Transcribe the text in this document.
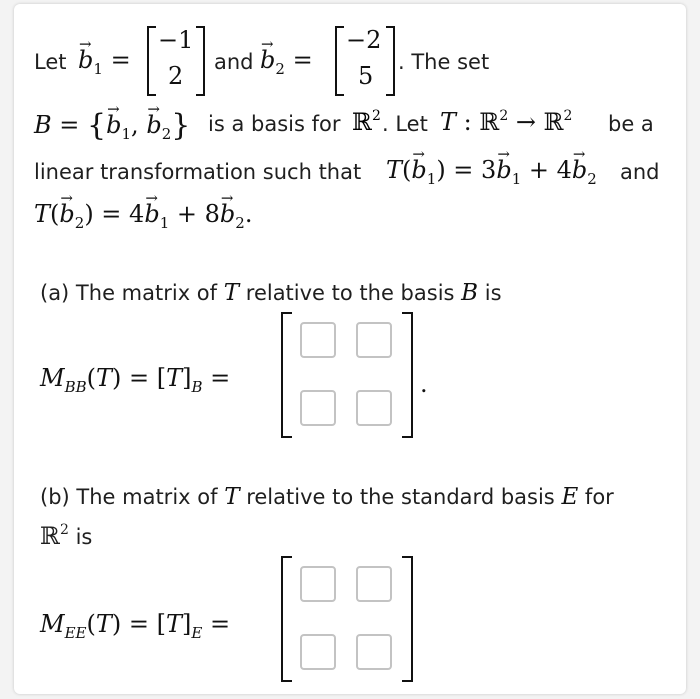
Let $b \to_1$ =
−1
2 and $b \to_2$ =
−2
5 . The set
$B = \{b \to_1$, $b \to_2$} is a basis for ℝ$^2$ . Let T : ℝ$^2$ → ℝ$^2$ be a
linear transformation such that $T(b \to_1) = 3b \to_1 + 4b \to_2$ and
$T(b \to_2) = 4b \to_1 + 8b \to_2$.
(a) The matrix of T relative to the basis B is
$M_{BB}(T) = [T]_B$ =	.
(b) The matrix of T relative to the standard basis E for
ℝ$^2$ is
$M_{EE}(T) = [T]_E$ =
